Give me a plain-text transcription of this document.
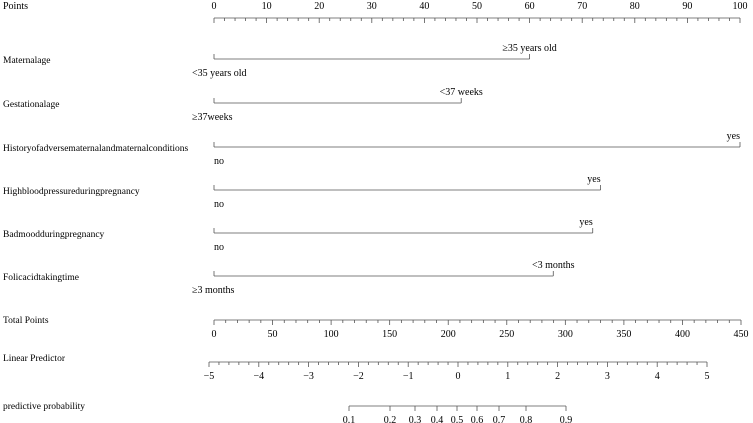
Points	0	10	20	30	40	50	60	70	80	90	100
Maternalage
<35 years old
≥35 years old
Gestationalage
≥37weeks
<37 weeks
Historyofadversematernalandmaternalconditions
no
yes
Highbloodpressureduringpregnancy
no
yes
Badmoodduringpregnancy
no
yes
Folicacidtakingtime
≥3 months
<3 months
Total Points
0	50	100	150	200	250	300	350	400	450
Linear Predictor
−5	−4	−3	−2	−1	0	1	2	3	4	5
predictive probability
0.1	0.2 0.3 0.4 0.5 0.6 0.7 0.8	0.9
